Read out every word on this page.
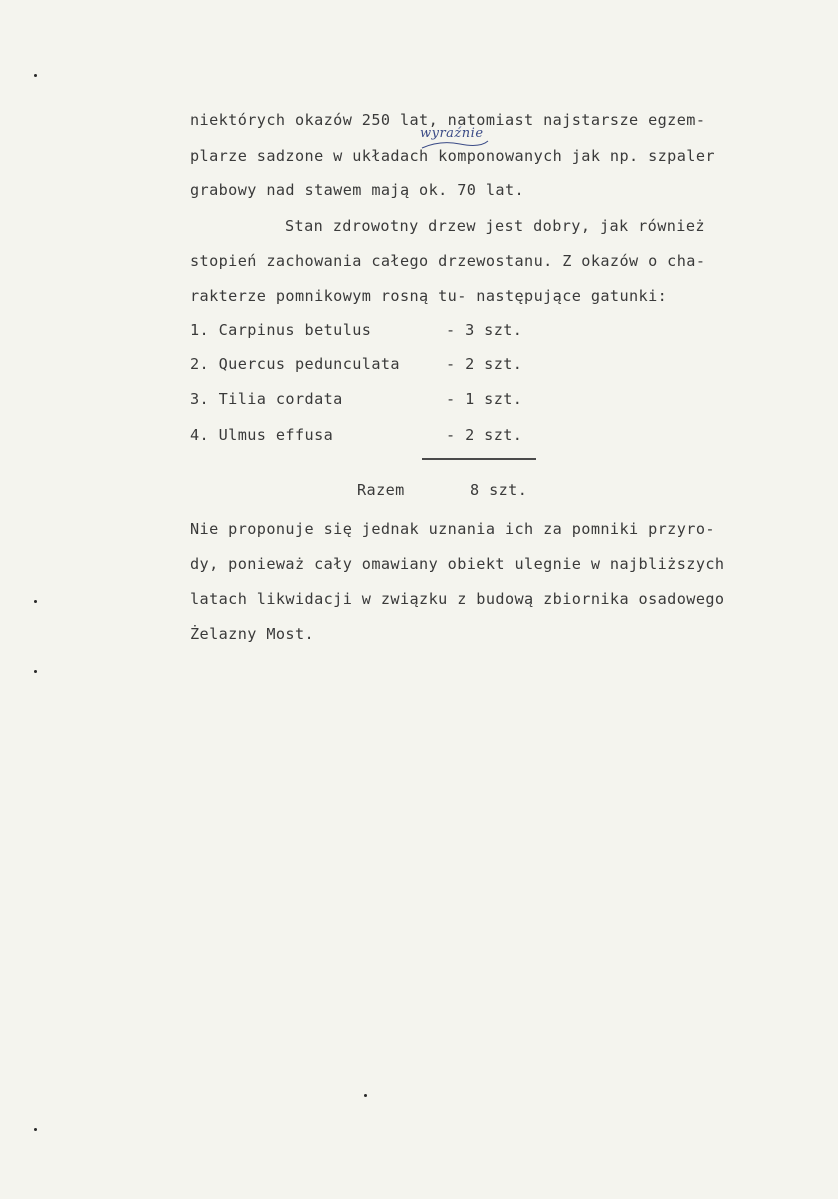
niektórych okazów 250 lat, natomiast najstarsze egzem-
plarze sadzone w układach komponowanych jak np. szpaler
grabowy nad stawem mają ok. 70 lat.
wyraźnie
Stan zdrowotny drzew jest dobry, jak również
stopień zachowania całego drzewostanu. Z okazów o cha-
rakterze pomnikowym rosną tu- następujące gatunki:
1. Carpinus betulus	- 3 szt.
2. Quercus pedunculata	- 2 szt.
3. Tilia cordata	- 1 szt.
4. Ulmus effusa	- 2 szt.
Razem	8 szt.
Nie proponuje się jednak uznania ich za pomniki przyro-
dy, ponieważ cały omawiany obiekt ulegnie w najbliższych
latach likwidacji w związku z budową zbiornika osadowego
Żelazny Most.
